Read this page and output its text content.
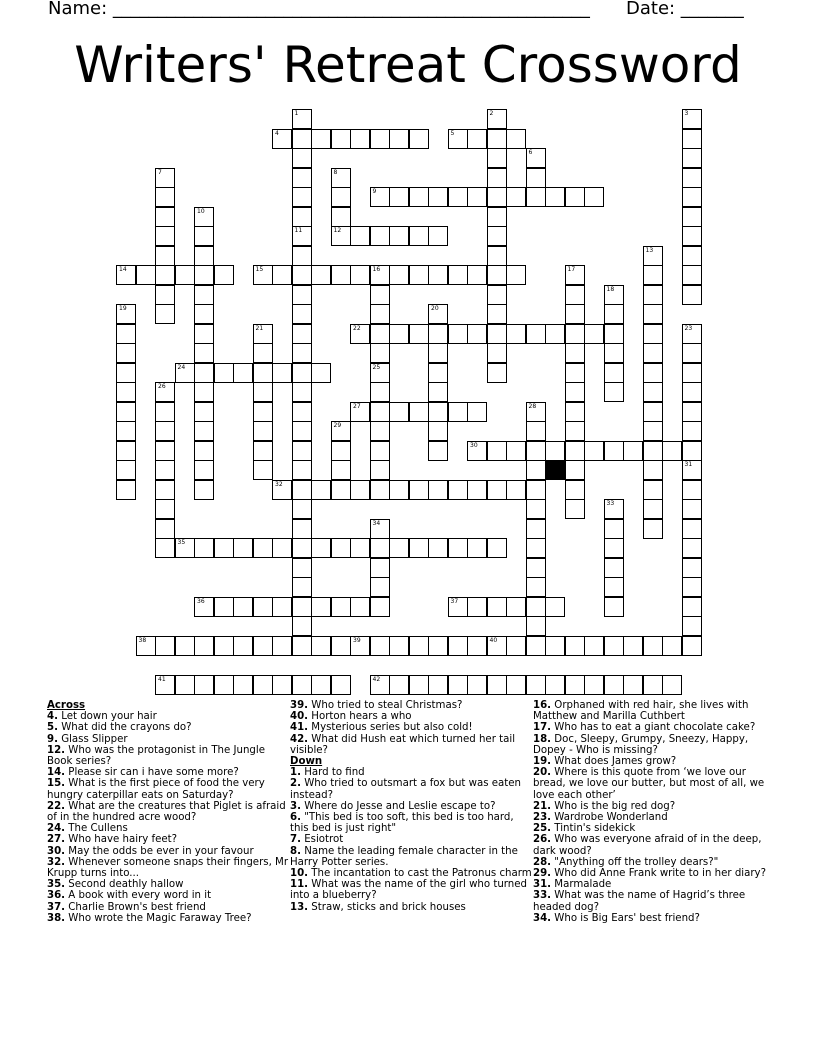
Name: _____________________________________________________ Date: _______
Writers' Retreat Crossword
1	2	3
4	5
6
7	8
12
9
10
11
13
14	15	16
25
17
18
19	20
21	22	23
31
24
26
27	28
29
30
32
33
34
35
36	37
38	39	40
41	42
Across
4. Let down your hair
5. What did the crayons do?
9. Glass Slipper
12. Who was the protagonist in The Jungle Book series?
14. Please sir can i have some more?
15. What is the first piece of food the very hungry caterpillar eats on Saturday?
22. What are the creatures that Piglet is afraid of in the hundred acre wood?
24. The Cullens
27. Who have hairy feet?
30. May the odds be ever in your favour
32. Whenever someone snaps their fingers, Mr Krupp turns into...
35. Second deathly hallow
36. A book with every word in it
37. Charlie Brown's best friend
38. Who wrote the Magic Faraway Tree?
39. Who tried to steal Christmas?
40. Horton hears a who
41. Mysterious series but also cold!
42. What did Hush eat which turned her tail visible?
Down
1. Hard to find
2. Who tried to outsmart a fox but was eaten instead?
3. Where do Jesse and Leslie escape to?
6. "This bed is too soft, this bed is too hard, this bed is just right"
7. Esiotrot
8. Name the leading female character in the Harry Potter series.
10. The incantation to cast the Patronus charm
11. What was the name of the girl who turned into a blueberry?
13. Straw, sticks and brick houses
16. Orphaned with red hair, she lives with Matthew and Marilla Cuthbert
17. Who has to eat a giant chocolate cake?
18. Doc, Sleepy, Grumpy, Sneezy, Happy, Dopey - Who is missing?
19. What does James grow?
20. Where is this quote from ‘we love our bread, we love our butter, but most of all, we love each other’
21. Who is the big red dog?
23. Wardrobe Wonderland
25. Tintin's sidekick
26. Who was everyone afraid of in the deep, dark wood?
28. "Anything off the trolley dears?"
29. Who did Anne Frank write to in her diary?
31. Marmalade
33. What was the name of Hagrid’s three headed dog?
34. Who is Big Ears' best friend?
